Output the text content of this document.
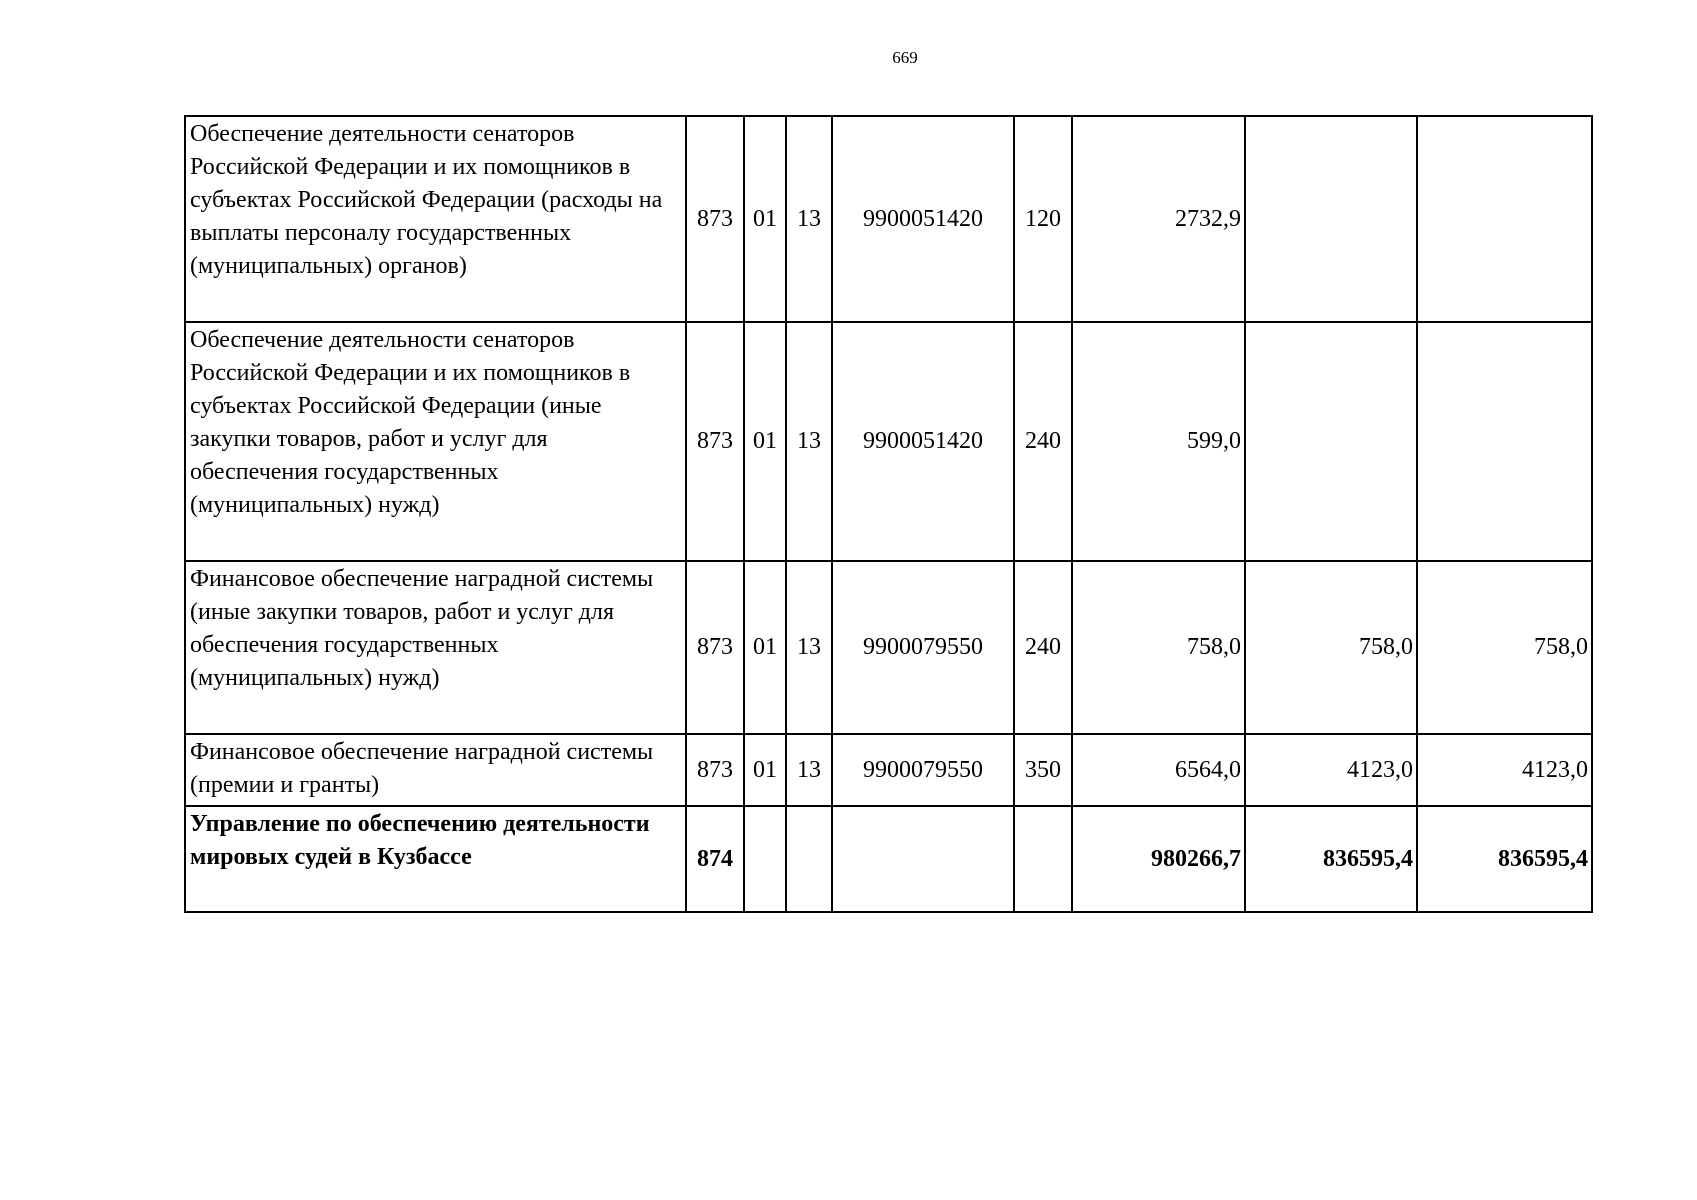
669
Обеспечение деятельности сенаторов Российской Федерации и их помощников в субъектах Российской Федерации (расходы на выплаты персоналу государственных (муниципальных) органов)	873	01	13	9900051420	120	2732,9		
Обеспечение деятельности сенаторов Российской Федерации и их помощников в субъектах Российской Федерации (иные закупки товаров, работ и услуг для обеспечения государственных (муниципальных) нужд)	873	01	13	9900051420	240	599,0		
Финансовое обеспечение наградной системы (иные закупки товаров, работ и услуг для обеспечения государственных (муниципальных) нужд)	873	01	13	9900079550	240	758,0	758,0	758,0
Финансовое обеспечение наградной системы (премии и гранты)	873	01	13	9900079550	350	6564,0	4123,0	4123,0
Управление по обеспечению деятельности мировых судей в Кузбассе	874					980266,7	836595,4	836595,4
